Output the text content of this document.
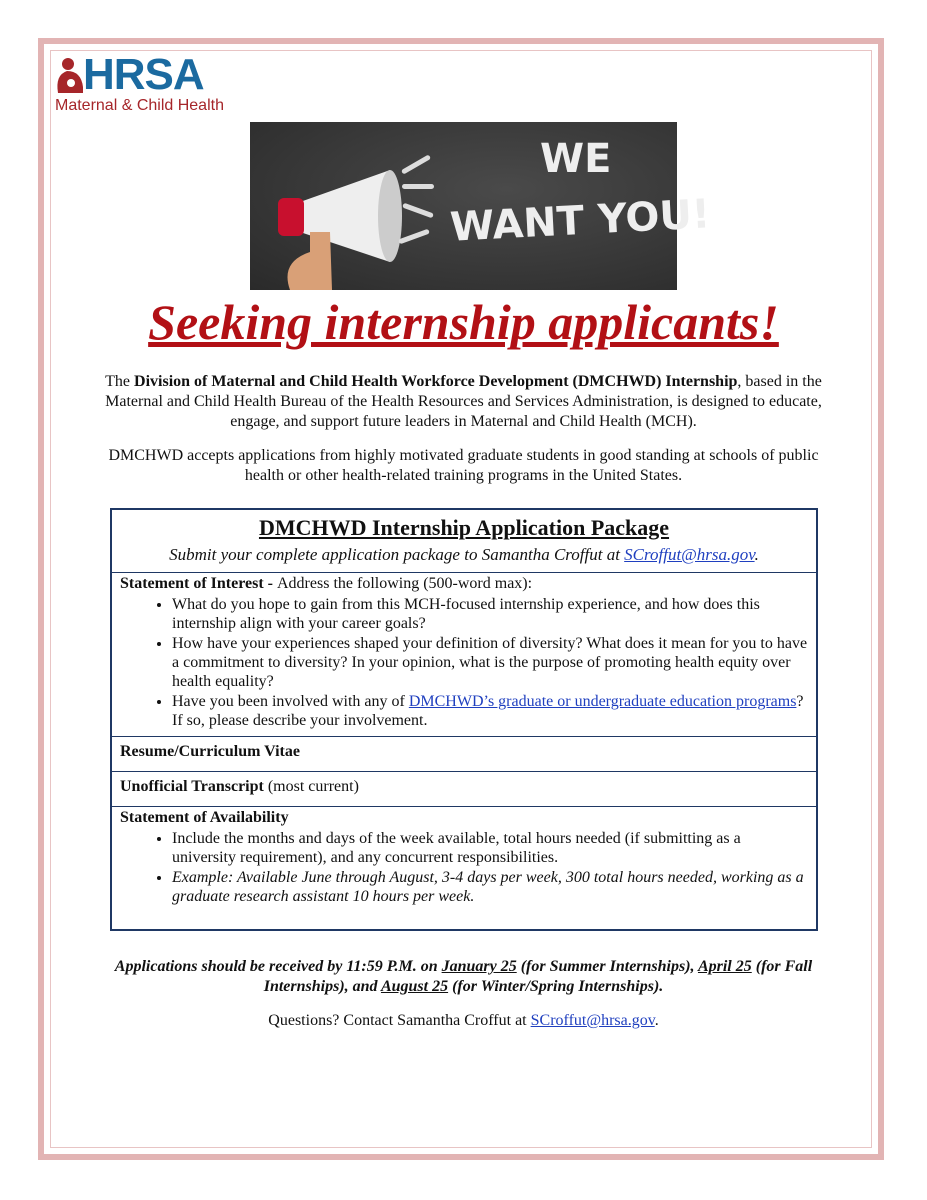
HRSA
Maternal & Child Health
WE
WANT YOU!
Seeking internship applicants!
The Division of Maternal and Child Health Workforce Development (DMCHWD) Internship, based in the Maternal and Child Health Bureau of the Health Resources and Services Administration, is designed to educate, engage, and support future leaders in Maternal and Child Health (MCH).
DMCHWD accepts applications from highly motivated graduate students in good standing at schools of public health or other health-related training programs in the United States.
DMCHWD Internship Application Package
Submit your complete application package to Samantha Croffut at SCroffut@hrsa.gov.
Statement of Interest - Address the following (500-word max):
• What do you hope to gain from this MCH-focused internship experience, and how does this internship align with your career goals?
• How have your experiences shaped your definition of diversity? What does it mean for you to have a commitment to diversity? In your opinion, what is the purpose of promoting health equity over health equality?
• Have you been involved with any of DMCHWD’s graduate or undergraduate education programs? If so, please describe your involvement.
Resume/Curriculum Vitae
Unofficial Transcript (most current)
Statement of Availability
• Include the months and days of the week available, total hours needed (if submitting as a university requirement), and any concurrent responsibilities.
• Example: Available June through August, 3-4 days per week, 300 total hours needed, working as a graduate research assistant 10 hours per week.
Applications should be received by 11:59 P.M. on January 25 (for Summer Internships), April 25 (for Fall Internships), and August 25 (for Winter/Spring Internships).
Questions? Contact Samantha Croffut at SCroffut@hrsa.gov.
